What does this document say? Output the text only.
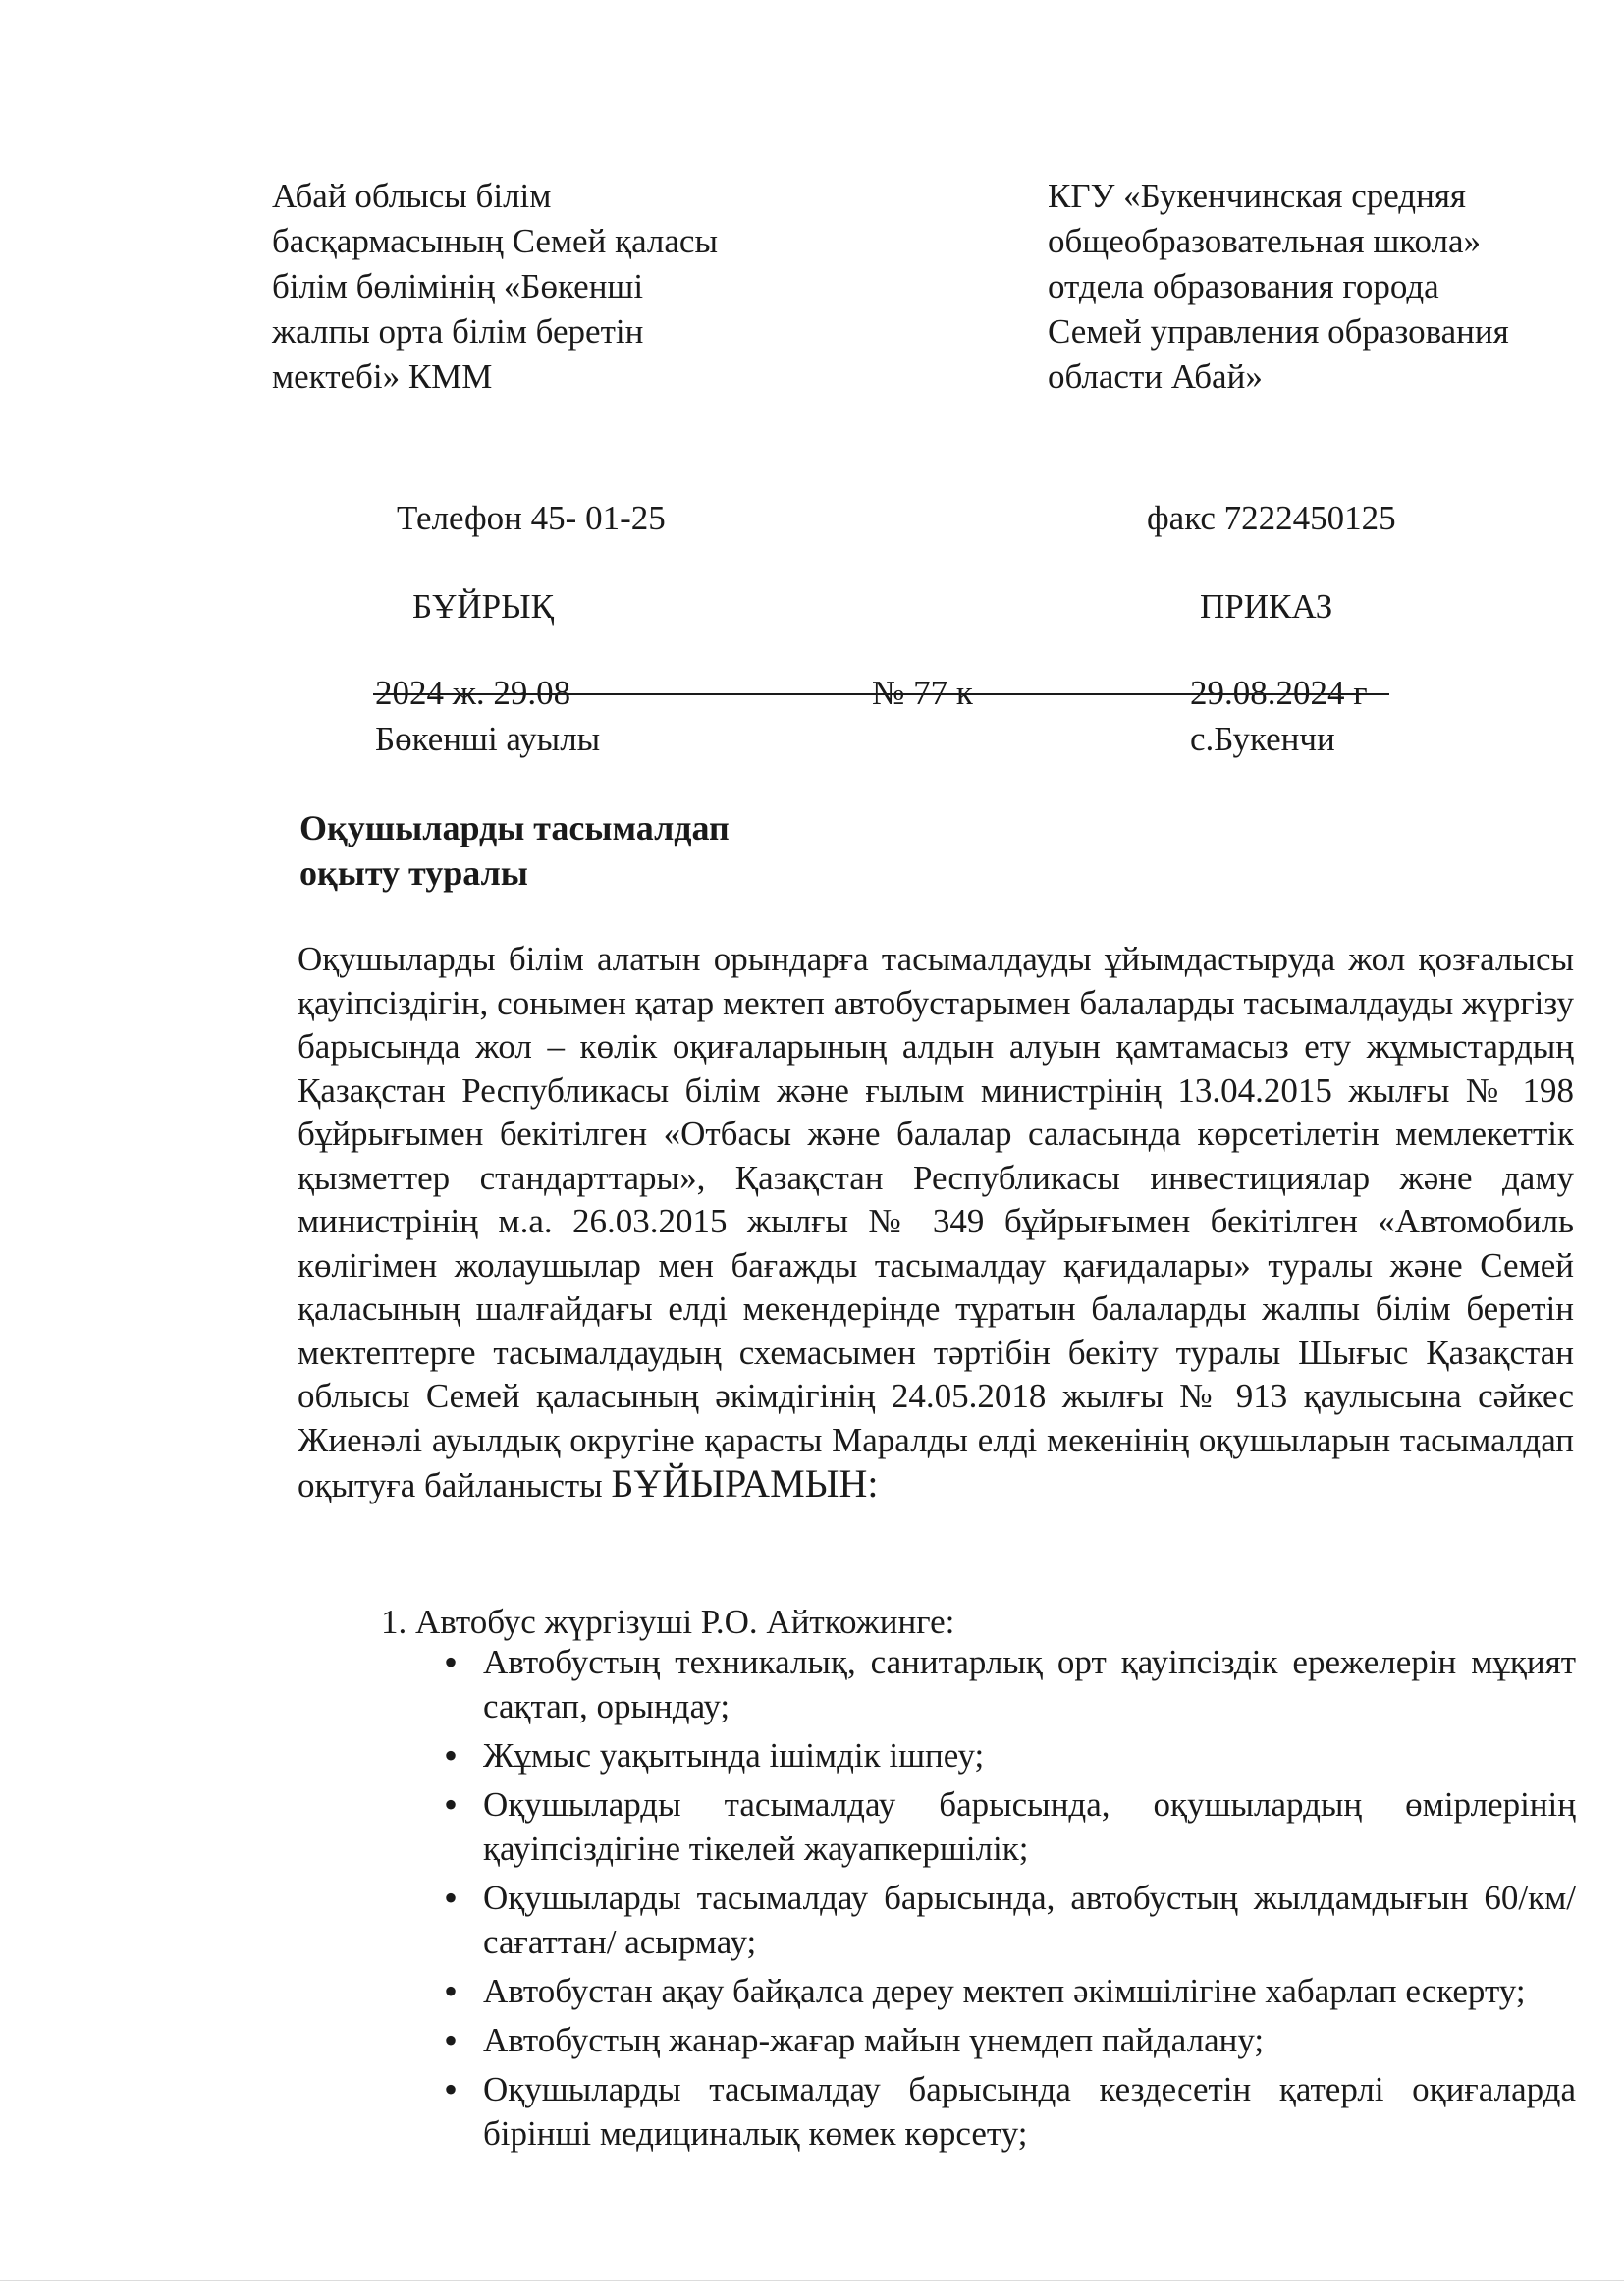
Абай облысы білім
басқармасының Семей қаласы
білім бөлімінің «Бөкенші
жалпы орта білім беретін
мектебі» КММ
КГУ «Букенчинская средняя
общеобразовательная школа»
отдела образования города
Семей управления образования
области Абай»
Телефон 45- 01-25	факс 7222450125
БҰЙРЫҚ	ПРИКАЗ
2024 ж. 29.08	№ 77 к	29.08.2024 г
Бөкенші ауылы	с.Букенчи
Оқушыларды тасымалдап
оқыту туралы
Оқушыларды білім алатын орындарға тасымалдауды ұйымдастыруда жол қозғалысы қауіпсіздігін, сонымен қатар мектеп автобустарымен балаларды тасымалдауды жүргізу барысында жол – көлік оқиғаларының алдын алуын қамтамасыз ету жұмыстардың Қазақстан Республикасы білім және ғылым министрінің 13.04.2015 жылғы № 198 бұйрығымен бекітілген «Отбасы және балалар саласында көрсетілетін мемлекеттік қызметтер стандарттары», Қазақстан Республикасы инвестициялар және даму министрінің м.а. 26.03.2015 жылғы № 349 бұйрығымен бекітілген «Автомобиль көлігімен жолаушылар мен бағажды тасымалдау қағидалары» туралы және Семей қаласының шалғайдағы елді мекендерінде тұратын балаларды жалпы білім беретін мектептерге тасымалдаудың схемасымен тәртібін бекіту туралы Шығыс Қазақстан облысы Семей қаласының әкімдігінің 24.05.2018 жылғы № 913 қаулысына сәйкес Жиенәлі ауылдық округіне қарасты Маралды елді мекенінің оқушыларын тасымалдап оқытуға байланысты БҰЙЫРАМЫН:
1. Автобус жүргізуші Р.О. Айткожинге:
• Автобустың техникалық, санитарлық орт қауіпсіздік ережелерін мұқият сақтап, орындау;
• Жұмыс уақытында ішімдік ішпеу;
• Оқушыларды тасымалдау барысында, оқушылардың өмірлерінің қауіпсіздігіне тікелей жауапкершілік;
• Оқушыларды тасымалдау барысында, автобустың жылдамдығын 60/км/сағаттан/ асырмау;
• Автобустан ақау байқалса дереу мектеп әкімшілігіне хабарлап ескерту;
• Автобустың жанар-жағар майын үнемдеп пайдалану;
• Оқушыларды тасымалдау барысында кездесетін қатерлі оқиғаларда бірінші медициналық көмек көрсету;
